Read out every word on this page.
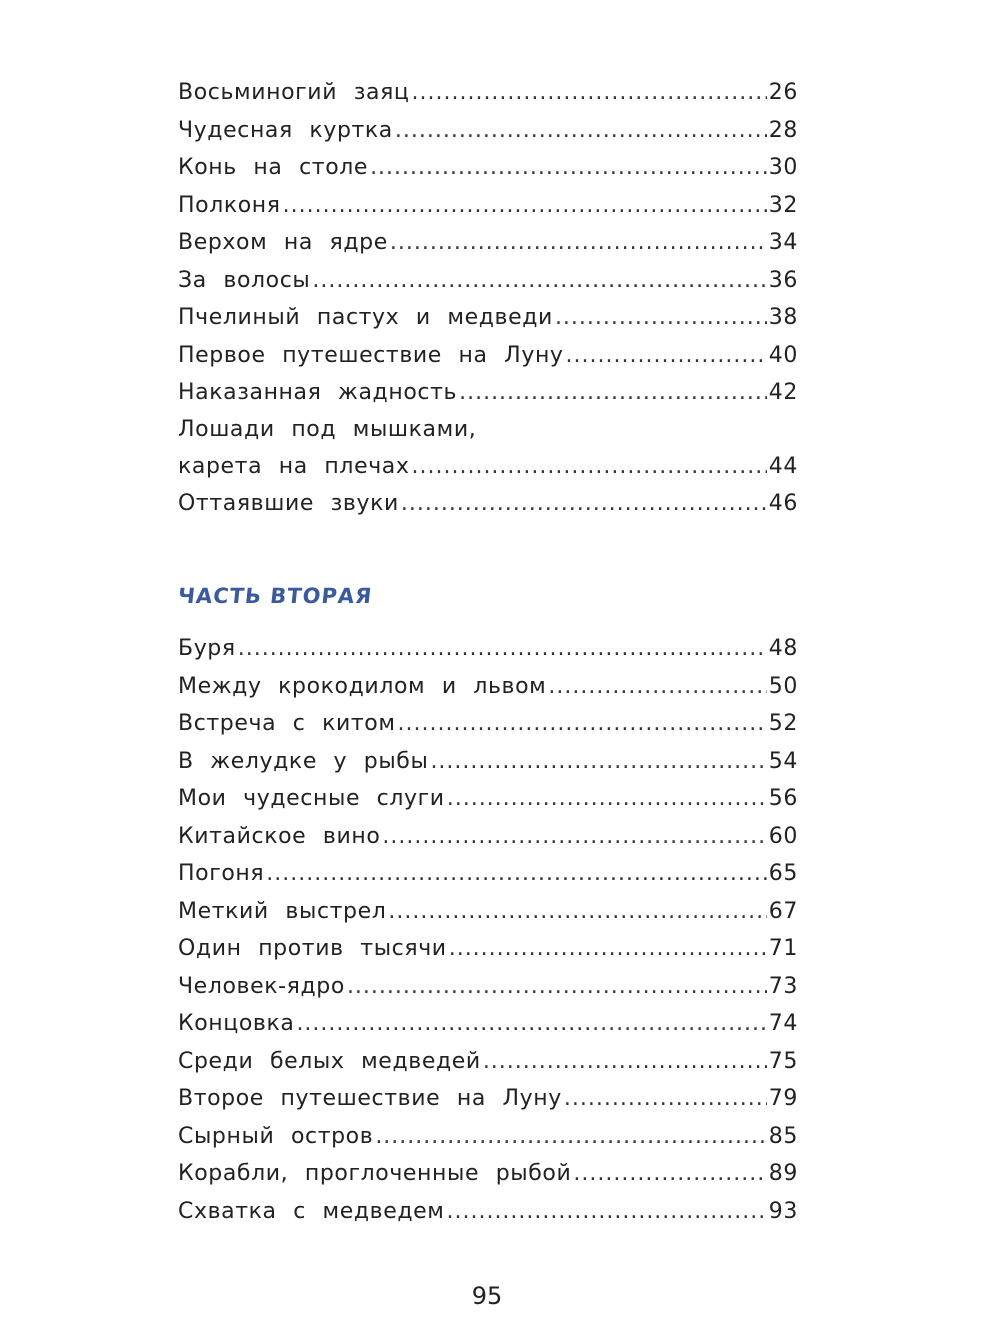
Восьминогий заяц .....	26
Чудесная куртка .....	28
Конь на столе .....	30
Полконя .....	32
Верхом на ядре .....	34
За волосы .....	36
Пчелиный пастух и медведи .....	38
Первое путешествие на Луну .....	40
Наказанная жадность .....	42
Лошади под мышками,
карета на плечах .....	44
Оттаявшие звуки .....	46
ЧАСТЬ ВТОРАЯ
Буря .....	48
Между крокодилом и львом .....	50
Встреча с китом .....	52
В желудке у рыбы .....	54
Мои чудесные слуги .....	56
Китайское вино .....	60
Погоня .....	65
Меткий выстрел .....	67
Один против тысячи .....	71
Человек-ядро .....	73
Концовка .....	74
Среди белых медведей .....	75
Второе путешествие на Луну .....	79
Сырный остров .....	85
Корабли, проглоченные рыбой .....	89
Схватка с медведем .....	93
95
